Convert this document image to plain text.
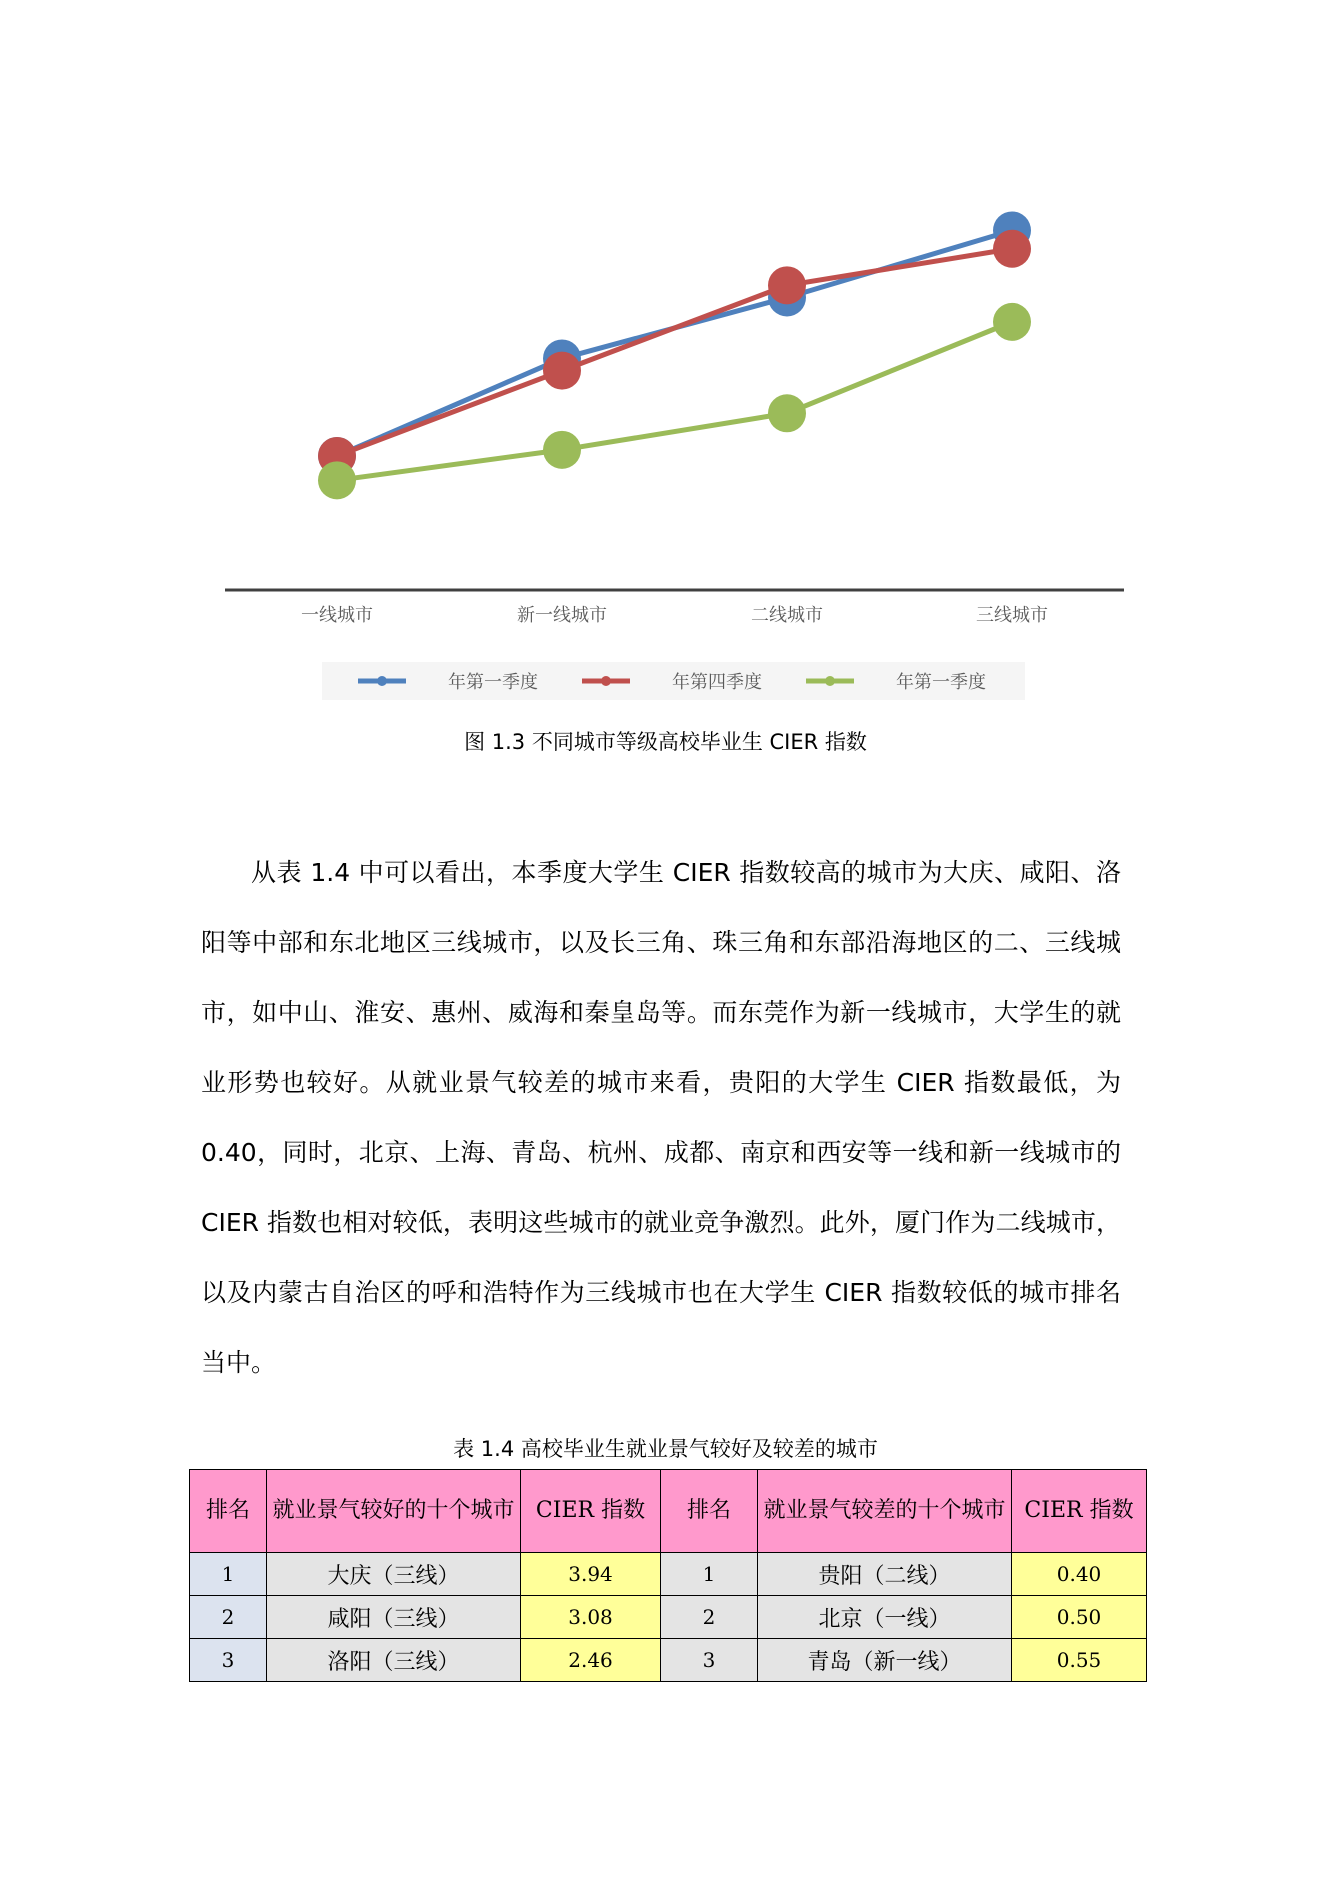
一线城市	新一线城市	二线城市	三线城市
年第一季度	年第四季度	年第一季度
图 1.3 不同城市等级高校毕业生 CIER 指数

从表 1.4 中可以看出，本季度大学生 CIER 指数较高的城市为大庆、咸阳、洛阳等中部和东北地区三线城市，以及长三角、珠三角和东部沿海地区的二、三线城市，如中山、淮安、惠州、威海和秦皇岛等。而东莞作为新一线城市，大学生的就业形势也较好。从就业景气较差的城市来看，贵阳的大学生 CIER 指数最低，为 0.40，同时，北京、上海、青岛、杭州、成都、南京和西安等一线和新一线城市的 CIER 指数也相对较低，表明这些城市的就业竞争激烈。此外，厦门作为二线城市，以及内蒙古自治区的呼和浩特作为三线城市也在大学生 CIER 指数较低的城市排名当中。

表 1.4 高校毕业生就业景气较好及较差的城市
排名	就业景气较好的十个城市	CIER 指数	排名	就业景气较差的十个城市	CIER 指数
1	大庆（三线）	3.94	1	贵阳（二线）	0.40
2	咸阳（三线）	3.08	2	北京（一线）	0.50
3	洛阳（三线）	2.46	3	青岛（新一线）	0.55
